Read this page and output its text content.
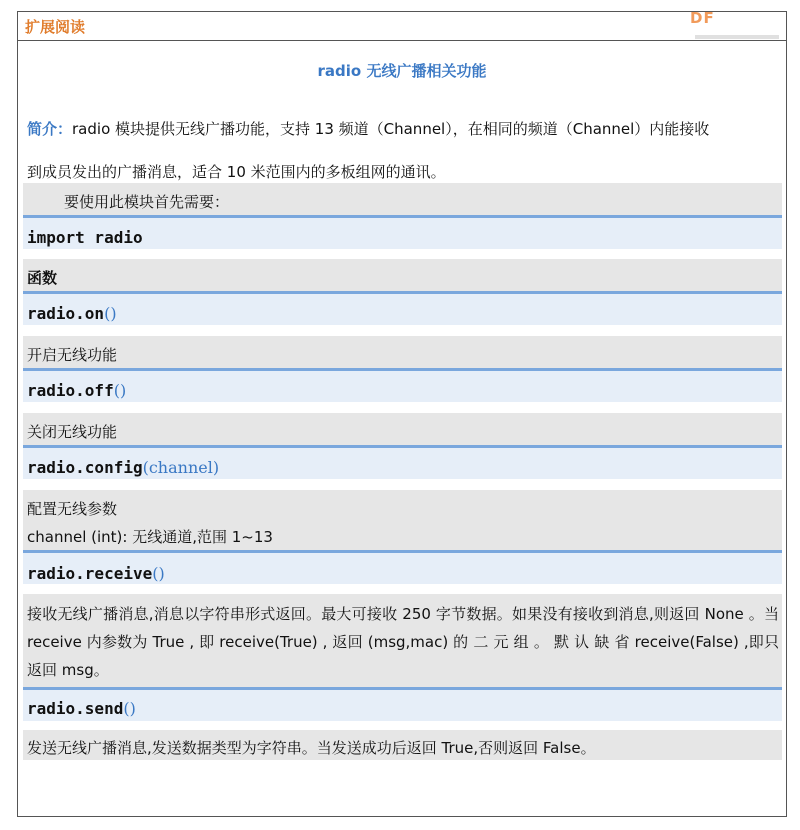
扩展阅读	DF
radio 无线广播相关功能
简介：radio 模块提供无线广播功能，支持 13 频道（Channel），在相同的频道（Channel）内能接收
到成员发出的广播消息，适合 10 米范围内的多板组网的通讯。
要使用此模块首先需要：
import radio
函数
radio.on()
开启无线功能
radio.off()
关闭无线功能
radio.config(channel)
配置无线参数
channel (int): 无线通道,范围 1~13
radio.receive()
接收无线广播消息,消息以字符串形式返回。最大可接收 250 字节数据。如果没有接收到消息,则返回 None 。当 receive 内参数为 True , 即 receive(True) , 返回 (msg,mac) 的 二 元 组 。 默 认 缺 省 receive(False) ,即只返回 msg。
radio.send()
发送无线广播消息,发送数据类型为字符串。当发送成功后返回 True,否则返回 False。
